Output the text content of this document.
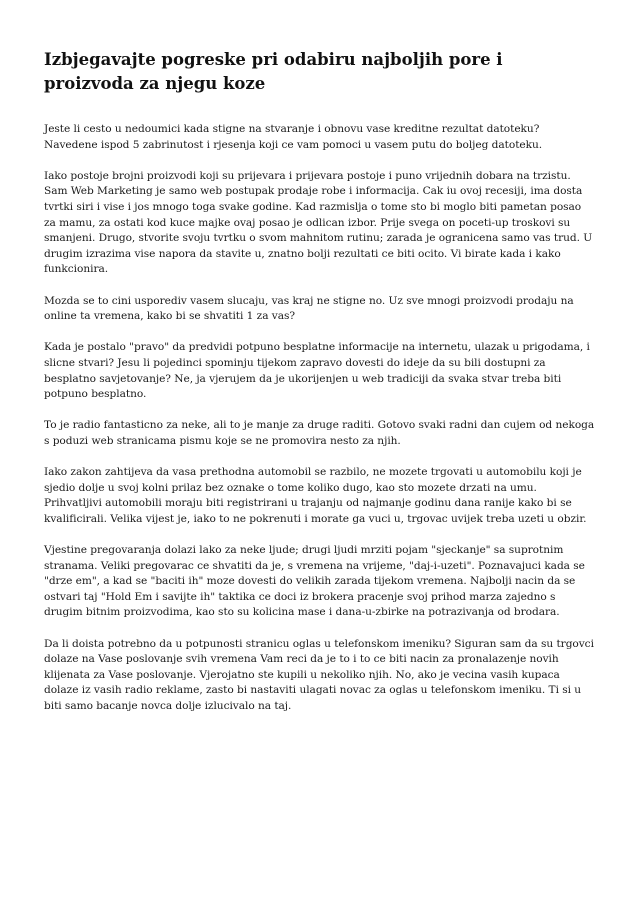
Izbjegavajte pogreske pri odabiru najboljih pore i proizvoda za njegu koze

Jeste li cesto u nedoumici kada stigne na stvaranje i obnovu vase kreditne rezultat datoteku? Navedene ispod 5 zabrinutost i rjesenja koji ce vam pomoci u vasem putu do boljeg datoteku.

Iako postoje brojni proizvodi koji su prijevara i prijevara postoje i puno vrijednih dobara na trzistu. Sam Web Marketing je samo web postupak prodaje robe i informacija. Cak iu ovoj recesiji, ima dosta tvrtki siri i vise i jos mnogo toga svake godine. Kad razmislja o tome sto bi moglo biti pametan posao za mamu, za ostati kod kuce majke ovaj posao je odlican izbor. Prije svega on poceti-up troskovi su smanjeni. Drugo, stvorite svoju tvrtku o svom mahnitom rutinu; zarada je ogranicena samo vas trud. U drugim izrazima vise napora da stavite u, znatno bolji rezultati ce biti ocito. Vi birate kada i kako funkcionira.

Mozda se to cini usporediv vasem slucaju, vas kraj ne stigne no. Uz sve mnogi proizvodi prodaju na online ta vremena, kako bi se shvatiti 1 za vas?

Kada je postalo "pravo" da predvidi potpuno besplatne informacije na internetu, ulazak u prigodama, i slicne stvari? Jesu li pojedinci spominju tijekom zapravo dovesti do ideje da su bili dostupni za besplatno savjetovanje? Ne, ja vjerujem da je ukorijenjen u web tradiciji da svaka stvar treba biti potpuno besplatno.

To je radio fantasticno za neke, ali to je manje za druge raditi. Gotovo svaki radni dan cujem od nekoga s poduzi web stranicama pismu koje se ne promovira nesto za njih.

Iako zakon zahtijeva da vasa prethodna automobil se razbilo, ne mozete trgovati u automobilu koji je sjedio dolje u svoj kolni prilaz bez oznake o tome koliko dugo, kao sto mozete drzati na umu. Prihvatljivi automobili moraju biti registrirani u trajanju od najmanje godinu dana ranije kako bi se kvalificirali. Velika vijest je, iako to ne pokrenuti i morate ga vuci u, trgovac uvijek treba uzeti u obzir.

Vjestine pregovaranja dolazi lako za neke ljude; drugi ljudi mrziti pojam "sjeckanje" sa suprotnim stranama. Veliki pregovarac ce shvatiti da je, s vremena na vrijeme, "daj-i-uzeti". Poznavajuci kada se "drze em", a kad se "baciti ih" moze dovesti do velikih zarada tijekom vremena. Najbolji nacin da se ostvari taj "Hold Em i savijte ih" taktika ce doci iz brokera pracenje svoj prihod marza zajedno s drugim bitnim proizvodima, kao sto su kolicina mase i dana-u-zbirke na potrazivanja od brodara.

Da li doista potrebno da u potpunosti stranicu oglas u telefonskom imeniku? Siguran sam da su trgovci dolaze na Vase poslovanje svih vremena Vam reci da je to i to ce biti nacin za pronalazenje novih klijenata za Vase poslovanje. Vjerojatno ste kupili u nekoliko njih. No, ako je vecina vasih kupaca dolaze iz vasih radio reklame, zasto bi nastaviti ulagati novac za oglas u telefonskom imeniku. Ti si u biti samo bacanje novca dolje izlucivalo na taj.
